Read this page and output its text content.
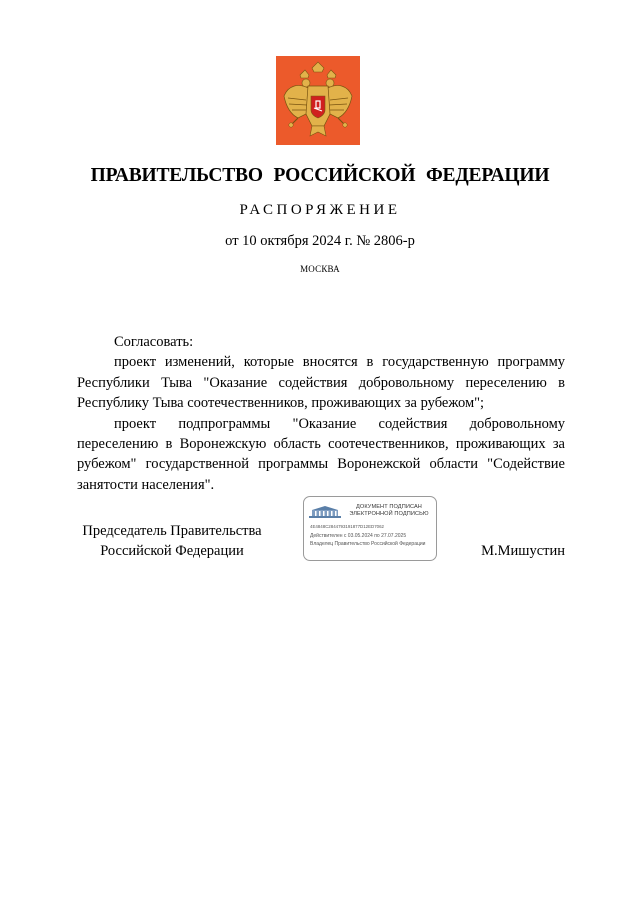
ПРАВИТЕЛЬСТВО РОССИЙСКОЙ ФЕДЕРАЦИИ
РАСПОРЯЖЕНИЕ
от 10 октября 2024 г. № 2806-р
МОСКВА

Согласовать:

проект изменений, которые вносятся в государственную программу Республики Тыва "Оказание содействия добровольному переселению в Республику Тыва соотечественников, проживающих за рубежом";

проект подпрограммы "Оказание содействия добровольному переселению в Воронежскую область соотечественников, проживающих за рубежом" государственной программы Воронежской области "Содействие занятости населения".

Председатель Правительства
Российской Федерации
ДОКУМЕНТ ПОДПИСАН
ЭЛЕКТРОННОЙ ПОДПИСЬЮ
4E4848C2844793191877D12ED7062
Действителен с 03.05.2024 по 27.07.2025
Владелец Правительство Российской Федерации	М.Мишустин
